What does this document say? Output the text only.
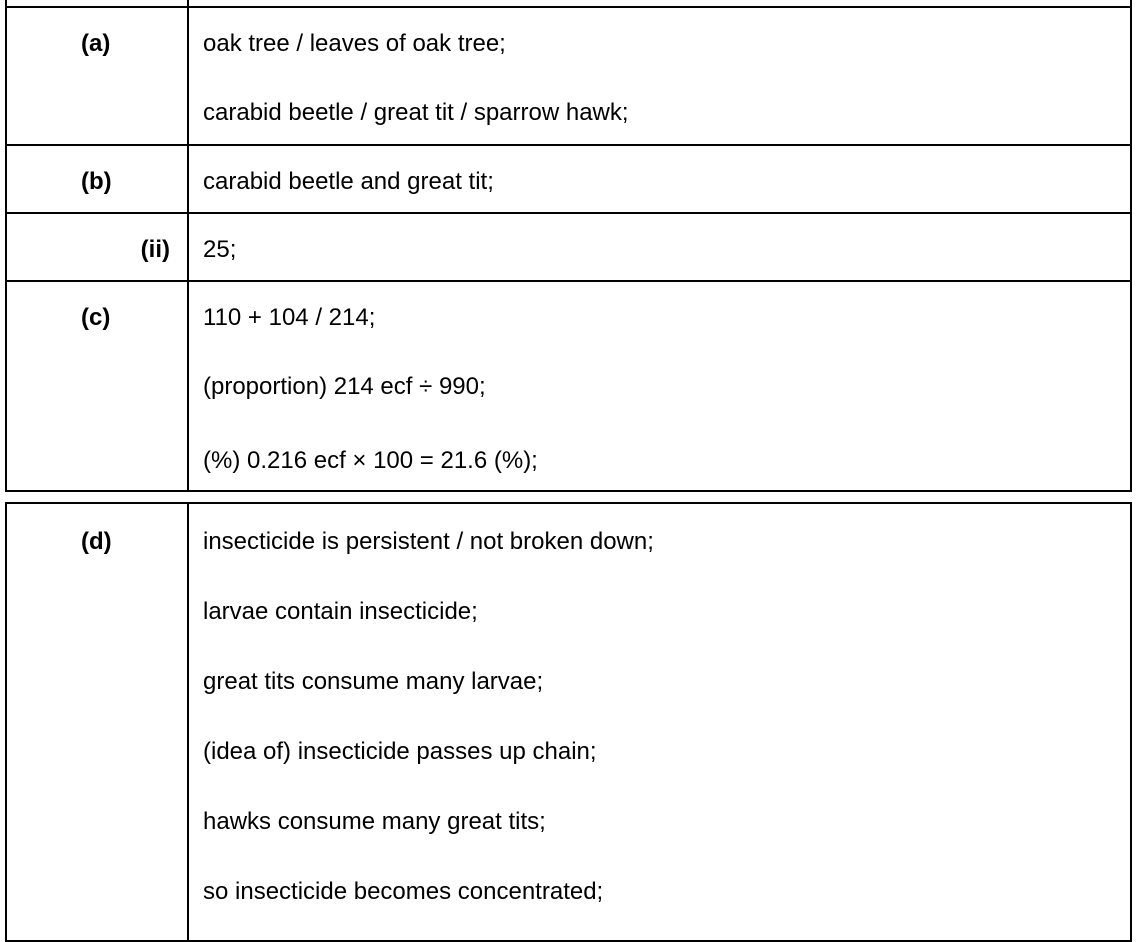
(a)	oak tree / leaves of oak tree;
carabid beetle / great tit / sparrow hawk;
(b)	carabid beetle and great tit;
(ii) 25;
(c)	110 + 104 / 214;
(proportion) 214 ecf ÷ 990;
(%) 0.216 ecf × 100 = 21.6 (%);
(d)	insecticide is persistent / not broken down;
larvae contain insecticide;
great tits consume many larvae;
(idea of) insecticide passes up chain;
hawks consume many great tits;
so insecticide becomes concentrated;
